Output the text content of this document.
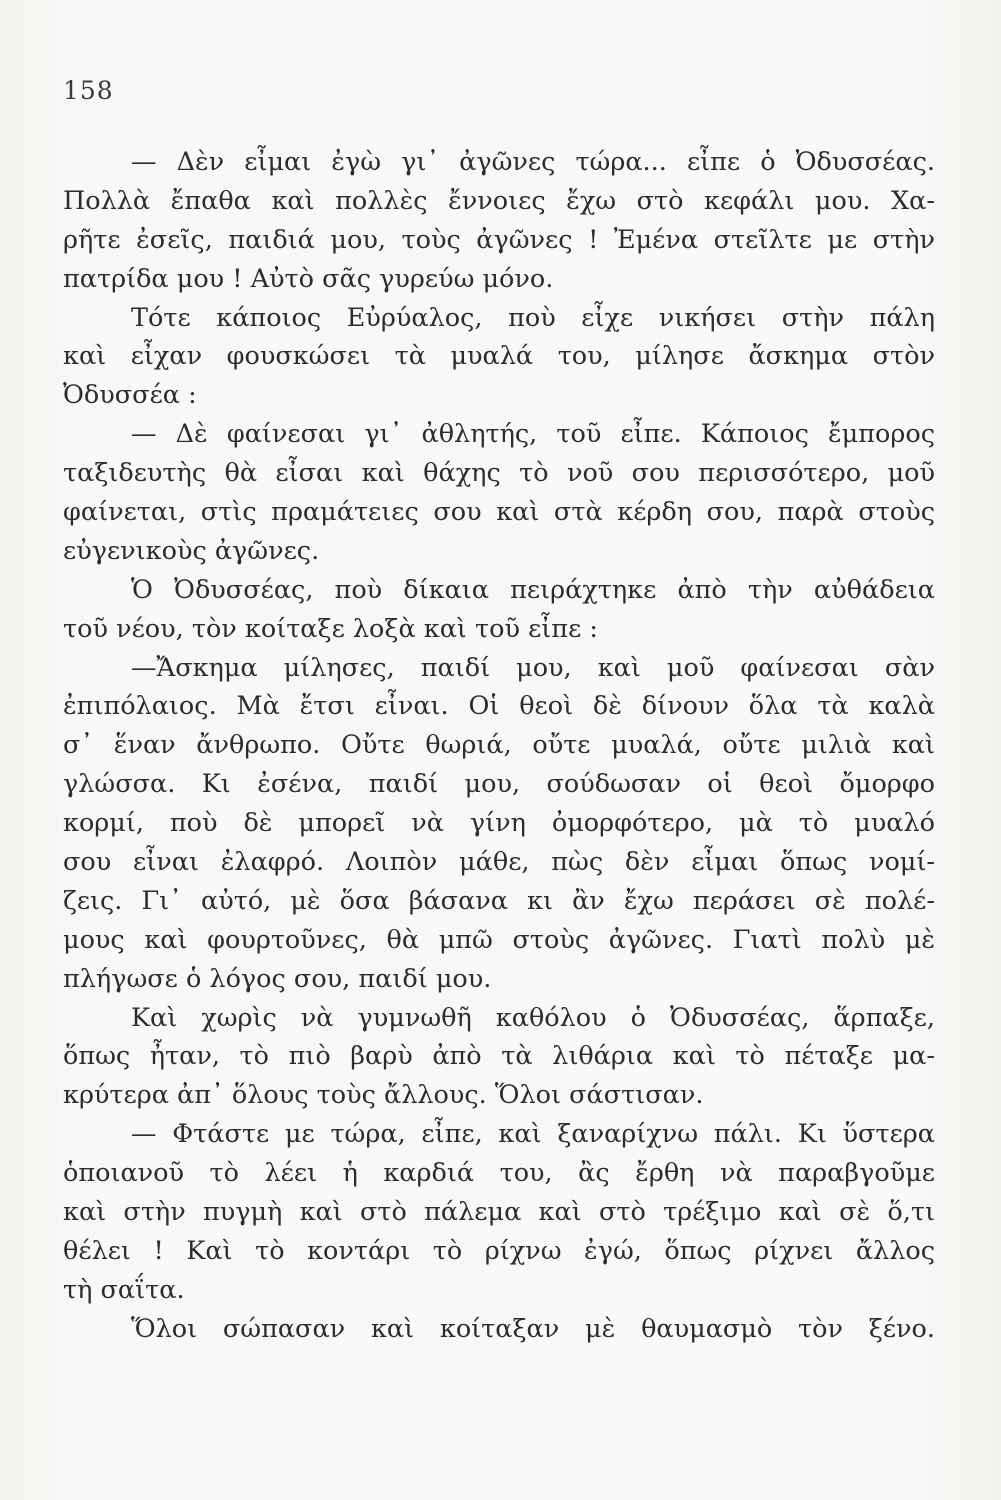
158
— Δὲν εἶμαι ἐγὼ γι᾽ ἀγῶνες τώρα... εἶπε ὁ Ὀδυσσέας.
Πολλὰ ἔπαθα καὶ πολλὲς ἔννοιες ἔχω στὸ κεφάλι μου. Χα-
ρῆτε ἐσεῖς, παιδιά μου, τοὺς ἀγῶνες ! Ἐμένα στεῖλτε με στὴν
πατρίδα μου ! Αὐτὸ σᾶς γυρεύω μόνο.
Τότε κάποιος Εὐρύαλος, ποὺ εἶχε νικήσει στὴν πάλη
καὶ εἶχαν φουσκώσει τὰ μυαλά του, μίλησε ἄσκημα στὸν
Ὀδυσσέα :
— Δὲ φαίνεσαι γι᾽ ἀθλητής, τοῦ εἶπε. Κάποιος ἔμπορος
ταξιδευτὴς θὰ εἶσαι καὶ θάχης τὸ νοῦ σου περισσότερο, μοῦ
φαίνεται, στὶς πραμάτειες σου καὶ στὰ κέρδη σου, παρὰ στοὺς
εὐγενικοὺς ἀγῶνες.
Ὁ Ὀδυσσέας, ποὺ δίκαια πειράχτηκε ἀπὸ τὴν αὐθάδεια
τοῦ νέου, τὸν κοίταξε λοξὰ καὶ τοῦ εἶπε :
—Ἄσκημα μίλησες, παιδί μου, καὶ μοῦ φαίνεσαι σὰν
ἐπιπόλαιος. Μὰ ἔτσι εἶναι. Οἱ θεοὶ δὲ δίνουν ὅλα τὰ καλὰ
σ᾽ ἕναν ἄνθρωπο. Οὔτε θωριά, οὔτε μυαλά, οὔτε μιλιὰ καὶ
γλώσσα. Κι ἐσένα, παιδί μου, σούδωσαν οἱ θεοὶ ὄμορφο
κορμί, ποὺ δὲ μπορεῖ νὰ γίνη ὀμορφότερο, μὰ τὸ μυαλό
σου εἶναι ἐλαφρό. Λοιπὸν μάθε, πὼς δὲν εἶμαι ὅπως νομί-
ζεις. Γι᾽ αὐτό, μὲ ὅσα βάσανα κι ἂν ἔχω περάσει σὲ πολέ-
μους καὶ φουρτοῦνες, θὰ μπῶ στοὺς ἀγῶνες. Γιατὶ πολὺ μὲ
πλήγωσε ὁ λόγος σου, παιδί μου.
Καὶ χωρὶς νὰ γυμνωθῆ καθόλου ὁ Ὀδυσσέας, ἅρπαξε,
ὅπως ἦταν, τὸ πιὸ βαρὺ ἀπὸ τὰ λιθάρια καὶ τὸ πέταξε μα-
κρύτερα ἀπ᾽ ὅλους τοὺς ἄλλους. Ὅλοι σάστισαν.
— Φτάστε με τώρα, εἶπε, καὶ ξαναρίχνω πάλι. Κι ὕστερα
ὁποιανοῦ τὸ λέει ἡ καρδιά του, ἂς ἔρθη νὰ παραβγοῦμε
καὶ στὴν πυγμὴ καὶ στὸ πάλεμα καὶ στὸ τρέξιμο καὶ σὲ ὅ,τι
θέλει ! Καὶ τὸ κοντάρι τὸ ρίχνω ἐγώ, ὅπως ρίχνει ἄλλος
τὴ σαΐτα.
Ὅλοι σώπασαν καὶ κοίταξαν μὲ θαυμασμὸ τὸν ξένο.
